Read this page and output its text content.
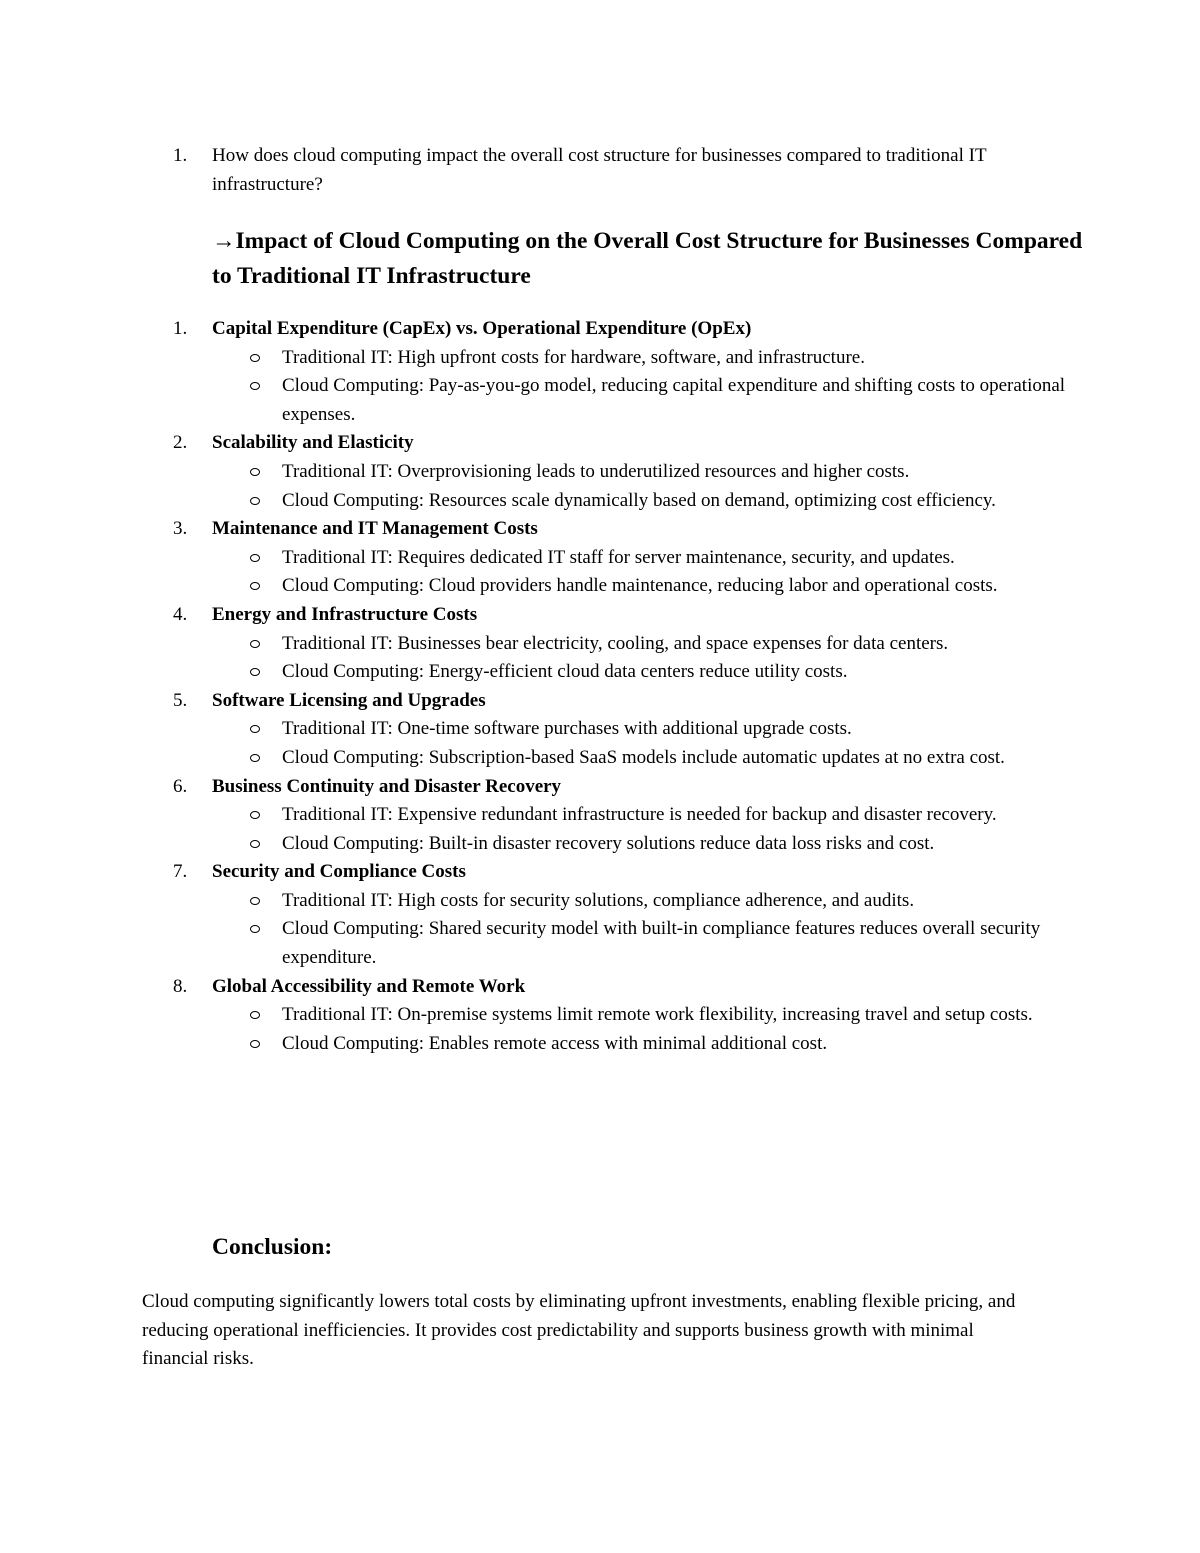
1. How does cloud computing impact the overall cost structure for businesses compared to traditional IT infrastructure?
→Impact of Cloud Computing on the Overall Cost Structure for Businesses Compared to Traditional IT Infrastructure
1. Capital Expenditure (CapEx) vs. Operational Expenditure (OpEx)
Traditional IT: High upfront costs for hardware, software, and infrastructure.
Cloud Computing: Pay-as-you-go model, reducing capital expenditure and shifting costs to operational expenses.
2. Scalability and Elasticity
Traditional IT: Overprovisioning leads to underutilized resources and higher costs.
Cloud Computing: Resources scale dynamically based on demand, optimizing cost efficiency.
3. Maintenance and IT Management Costs
Traditional IT: Requires dedicated IT staff for server maintenance, security, and updates.
Cloud Computing: Cloud providers handle maintenance, reducing labor and operational costs.
4. Energy and Infrastructure Costs
Traditional IT: Businesses bear electricity, cooling, and space expenses for data centers.
Cloud Computing: Energy-efficient cloud data centers reduce utility costs.
5. Software Licensing and Upgrades
Traditional IT: One-time software purchases with additional upgrade costs.
Cloud Computing: Subscription-based SaaS models include automatic updates at no extra cost.
6. Business Continuity and Disaster Recovery
Traditional IT: Expensive redundant infrastructure is needed for backup and disaster recovery.
Cloud Computing: Built-in disaster recovery solutions reduce data loss risks and cost.
7. Security and Compliance Costs
Traditional IT: High costs for security solutions, compliance adherence, and audits.
Cloud Computing: Shared security model with built-in compliance features reduces overall security expenditure.
8. Global Accessibility and Remote Work
Traditional IT: On-premise systems limit remote work flexibility, increasing travel and setup costs.
Cloud Computing: Enables remote access with minimal additional cost.
Conclusion:
Cloud computing significantly lowers total costs by eliminating upfront investments, enabling flexible pricing, and reducing operational inefficiencies. It provides cost predictability and supports business growth with minimal financial risks.
